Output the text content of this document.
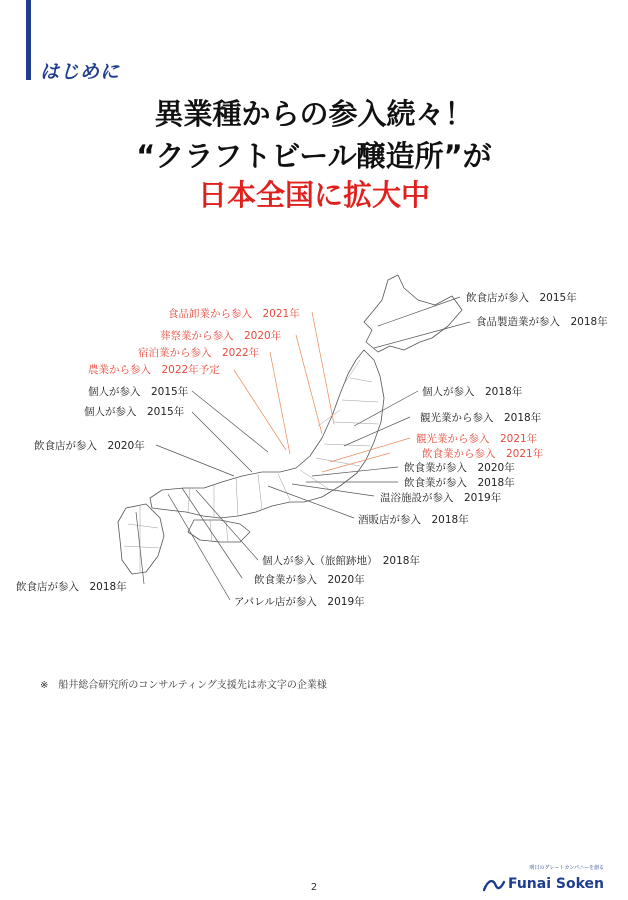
はじめに
異業種からの参入続々！
“クラフトビール醸造所”が
日本全国に拡大中
飲食店が参入　2015年
食品製造業が参入　2018年
食品卸業から参入　2021年
葬祭業から参入　2020年
宿泊業から参入　2022年
農業から参入　2022年予定
個人が参入　2015年
個人が参入　2015年
飲食店が参入　2020年
個人が参入　2018年
観光業から参入　2018年
観光業から参入　2021年
飲食業から参入　2021年
飲食業が参入　2020年
飲食業が参入　2018年
温浴施設が参入　2019年
酒販店が参入　2018年
個人が参入（旅館跡地）　2018年
飲食業が参入　2020年
飲食店が参入　2018年
アパレル店が参入　2019年
※　船井総合研究所のコンサルティング支援先は赤文字の企業様
2
明日のグレートカンパニーを創る
Funai Soken
